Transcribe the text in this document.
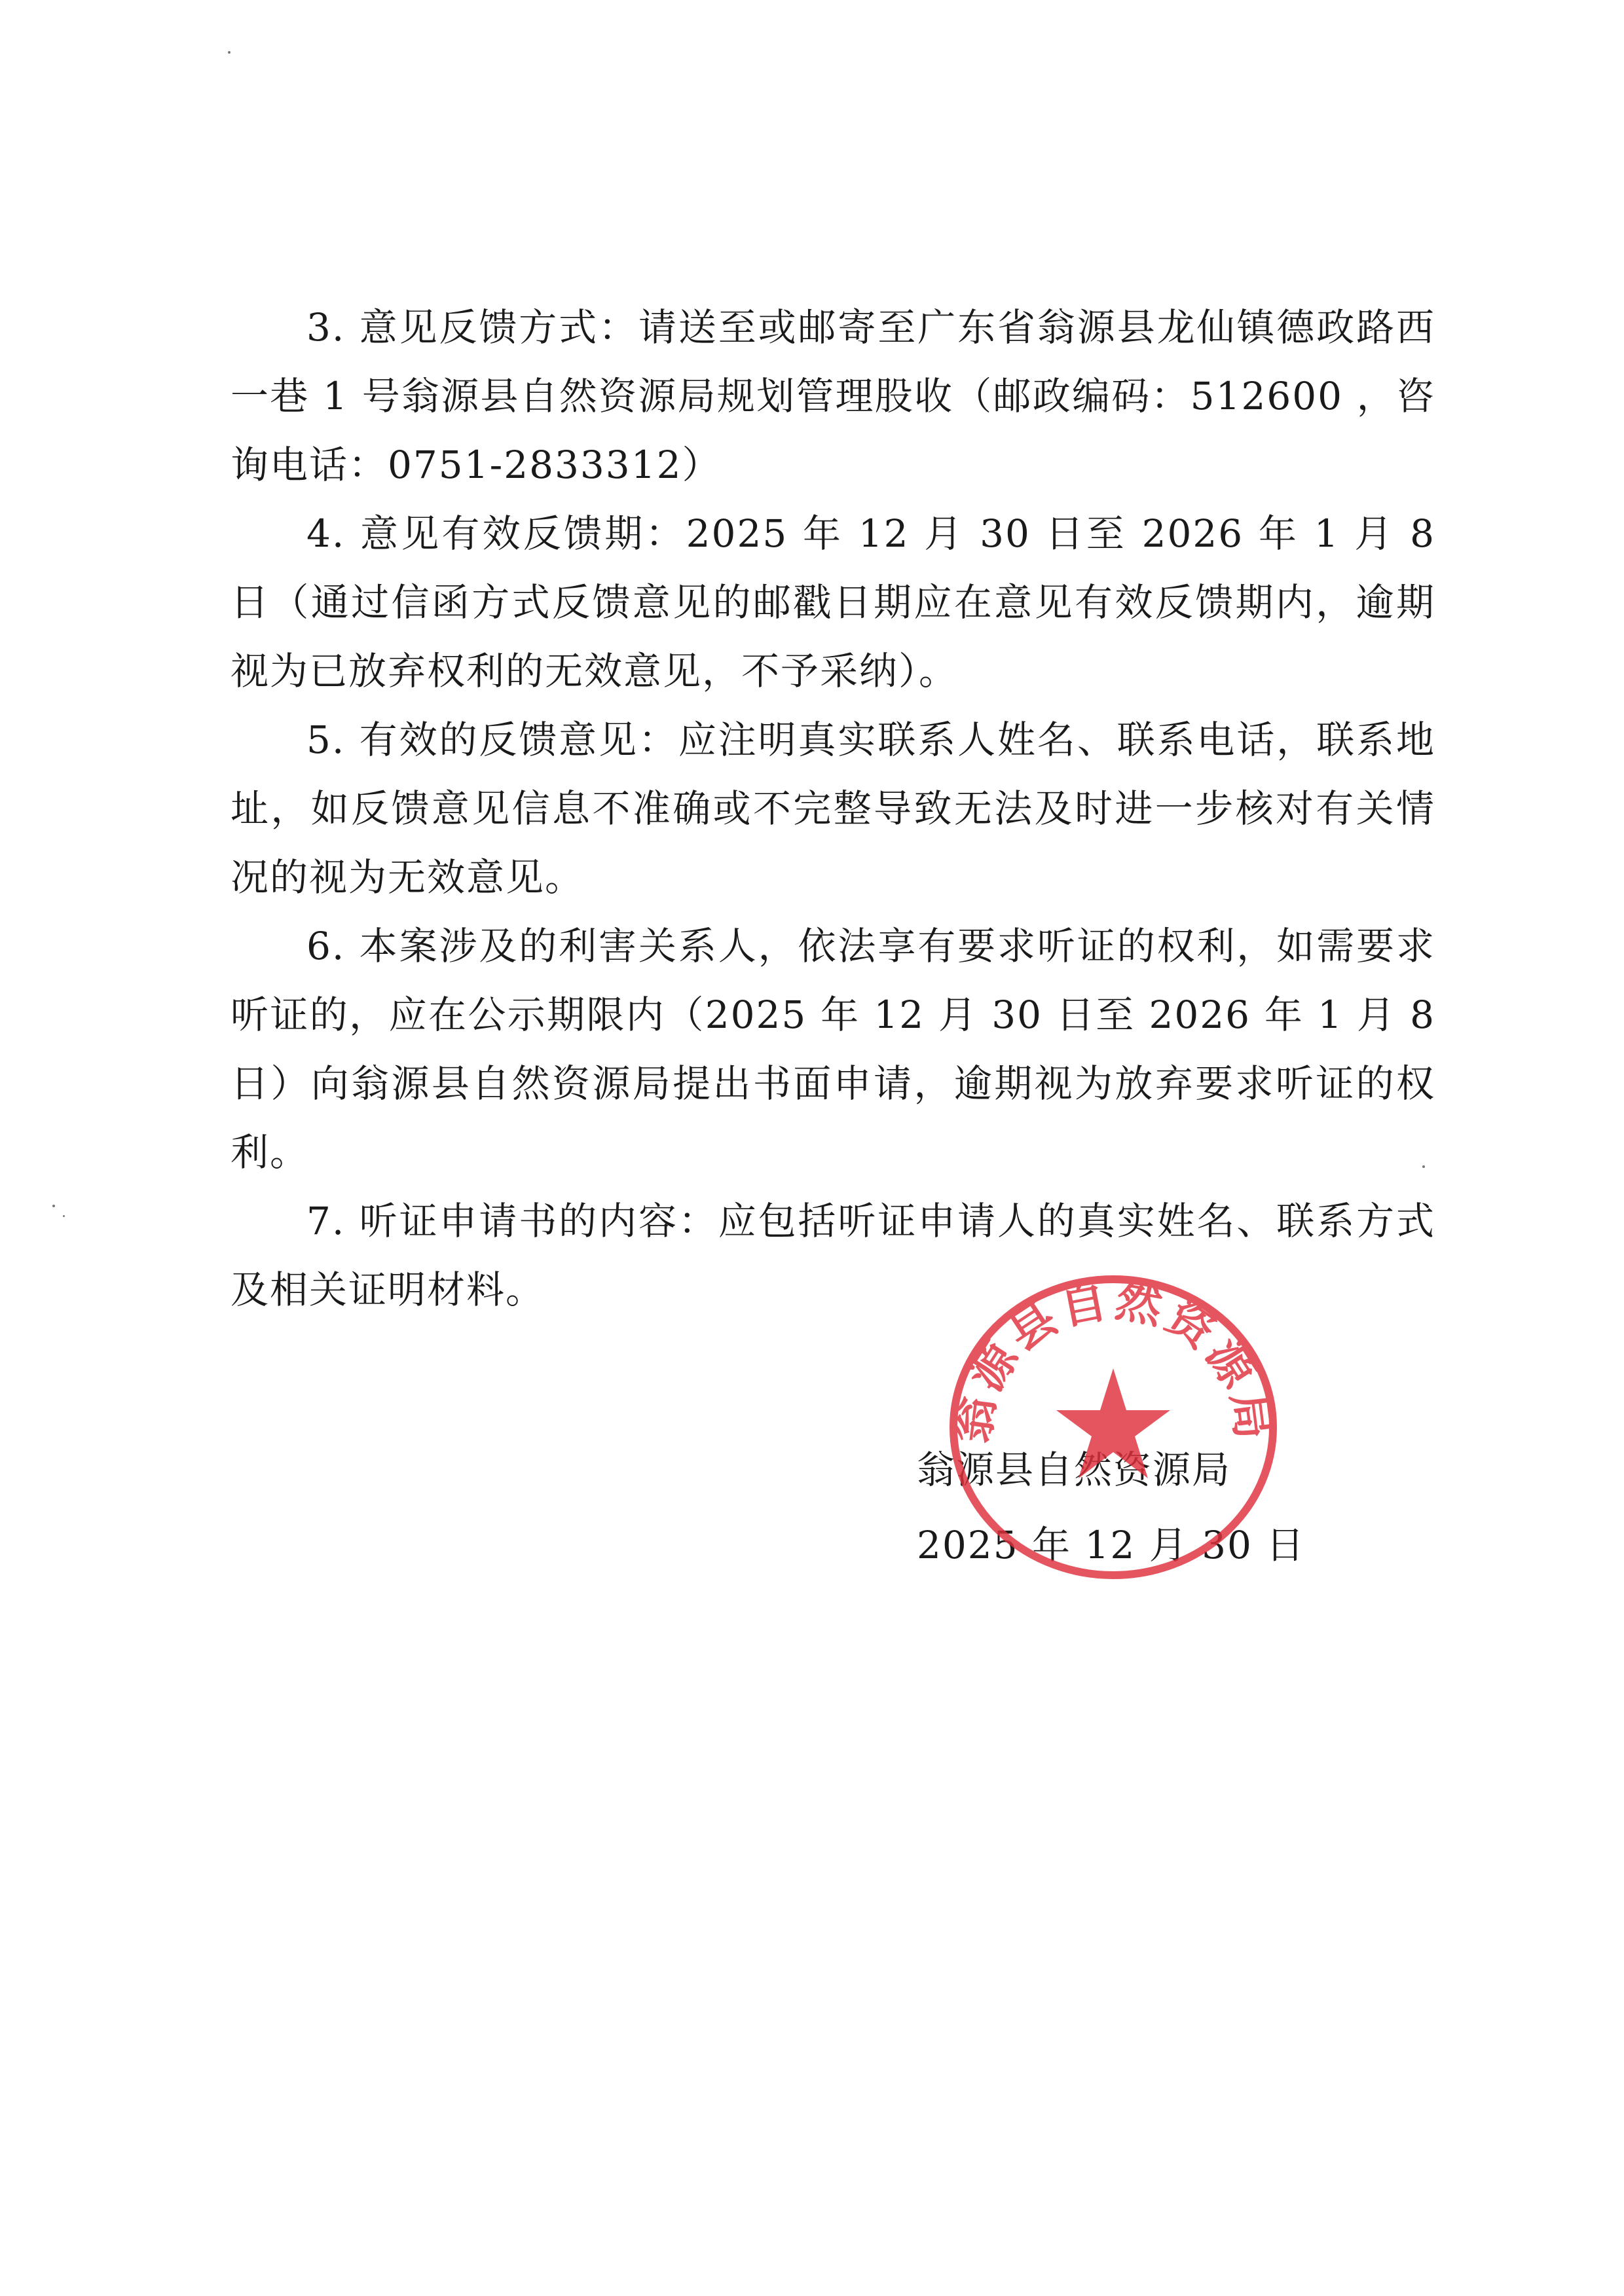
3. 意见反馈方式：请送至或邮寄至广东省翁源县龙仙镇德政路西一巷 1 号翁源县自然资源局规划管理股收（邮政编码：512600 ，咨询电话：0751-2833312）

4. 意见有效反馈期：2025 年 12 月 30 日至 2026 年 1 月 8 日（通过信函方式反馈意见的邮戳日期应在意见有效反馈期内，逾期视为已放弃权利的无效意见，不予采纳）。

5. 有效的反馈意见：应注明真实联系人姓名、联系电话，联系地址，如反馈意见信息不准确或不完整导致无法及时进一步核对有关情况的视为无效意见。

6. 本案涉及的利害关系人，依法享有要求听证的权利，如需要求听证的，应在公示期限内（2025 年 12 月 30 日至 2026 年 1 月 8 日）向翁源县自然资源局提出书面申请，逾期视为放弃要求听证的权利。

7. 听证申请书的内容：应包括听证申请人的真实姓名、联系方式及相关证明材料。

翁源县自然资源局
2025 年 12 月 30 日
翁源县自然资源局
